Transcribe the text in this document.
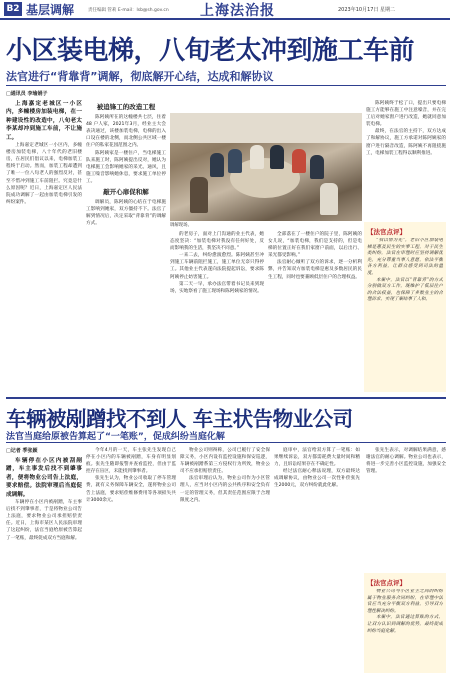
B2 基层调解	责任编辑 管莉 E-mail：lsb@sh.gov.cn 上海法治报	2023年10月17日 星期二
小区装电梯，八旬老太冲到施工车前
法官进行“背靠背”调解，彻底解开心结，达成和解协议
□通讯员 李瑜娟子

上海嘉定老城区一小区内，多幢楼房加装电梯，在一种建设性的改造中，八旬老太李某却冲到施工车前，不让施工。

上海嘉定老城区一小区内，多幢楼房加装电梯，八十年代的老旧楼房，在居民们倡议以来，电梯加装工程终于启动。然而，加装工程却遭到了唯一一位八旬老人的强烈反对，甚至不惜冲到施工车前阻拦。究竟是什么原因呢？近日，上海嘉定区人民法院成功调解了一起由加装电梯引发的纠纷案件。

被追锋工的改造工程

陈阿姨所在的这幢楼共七层，住着 48 户人家，2021年3月，经业主大会表决通过，该楼加装电梯，电梯的出入口设在楼的北侧，而北侧公共区域一楼住户的私家花园范围之内。

陈阿姨家是一楼住户，当电梯施工队来施工时，陈阿姨提出反对，她认为电梯施工会影响她家的采光、通风，且施工噪音影响她休息，要求施工单位停工。

敲开心扉促和解

调解员，陈阿姨的心结在于电梯施工影响到她家，双方僵持不下。法官了解到情况后，决定采取“背靠背”的调解方式。	调解现场。

的老房子，面对上门沟通的业主代表，她态度坚决：“加装电梯对我没有任何好处，反而影响我的生活，我坚决不同意。”

一来二去，纠纷愈演愈烈。陈阿姨甚至冲到施工车辆前阻拦施工，施工单位无奈只得停工。其他业主代表遂向法院提起诉讼，要求陈阿姨停止妨害施工。

第二天一早，承办法官带着书记员来到现场，实地察看了施工现场和陈阿姨家的情况。

全部落在了一楼住户的院子里，陈阿姨的女儿说，“加装电梯，我们是支持的，但是电梯的位置正好在我们家窗户前面，以后出行、采光都受影响。”

法官耐心倾听了双方的诉求，逐一分析利弊，并告知双方加装电梯是惠及多数居民的民生工程，同时也要兼顾低层住户的合理权益。

陈阿姨终于松了口，提出只要电梯施工方能够在施工中注意噪音，并在完工后对她家窗户进行改造，她就同意加装电梯。

最终，在法官的主持下，双方达成了和解协议，施工方承诺对陈阿姨家的窗户进行隔音改造，陈阿姨不再阻挠施工，电梯加装工程得以顺利推进。

【法官点评】

“我以情为先”，老旧小区加装电梯是惠及民生的实事工程，对于民生类纠纷，法官在审理时应坚持调解优先，充分尊重当事人意愿，依法平衡各方利益，让群众感受到司法的温度。

本案中，法官以“背靠背”的方式分别做双方工作，既维护了低层住户的合法权益，也保障了多数业主的合理诉求，实现了案结事了人和。

车辆被剐蹭找不到人 车主状告物业公司
法官当庭给原被告算起了“一笔账”，促成纠纷当庭化解
□记者 季张颖

车辆停在小区内被刮剐蹭，车主事发后找不到肇事者，便将物业公司告上法庭，要求赔偿。法院审理后当庭促成调解。

车辆停在小区内被剐蹭，车主事后找不到肇事者，于是将物业公司告上法庭，要求物业公司承担赔偿责任。近日，上海市某区人民法院审理了这起纠纷，法官当庭给原被告算起了一笔账，最终促成双方当庭和解。

今年4月的一天，车主张先生发现自己停在小区内的车辆被剐蹭，车身有明显划痕。张先生随即报警并查看监控，但由于监控存在盲区，未能找到肇事者。

张先生认为，物业公司收取了停车管理费，就有义务保障车辆安全，遂将物业公司告上法庭，要求赔偿维修费用等各项损失共计3000余元。

物业公司则辩称，公司已履行了安全保障义务，小区内设有监控设施和保安巡逻，车辆被剐蹭系第三方侵权行为所致，物业公司不应承担赔偿责任。

法官审理后认为，物业公司作为小区管理人，应当对小区内的公共秩序和安全负有一定的管理义务，但其责任范围应限于合理限度之内。

庭审中，法官给双方算了一笔账：如果继续诉讼，双方都需耗费大量时间和精力，且诉讼结果存在不确定性。

经过法官耐心释法说理，双方最终达成调解协议，由物业公司一次性补偿张先生2000元，双方纠纷就此化解。

张先生表示，对调解结果满意，感谢法官的耐心调解。物业公司也表示，将进一步完善小区监控设施，加强安全管理。

【法官点评】

物业公司与小区业主之间的纠纷属于物业服务合同纠纷，在审理中法官应当充分平衡双方利益，引导双方理性解决纠纷。

本案中，法官通过算账的方式，让双方认识到调解的优势，最终促成纠纷当庭化解。
